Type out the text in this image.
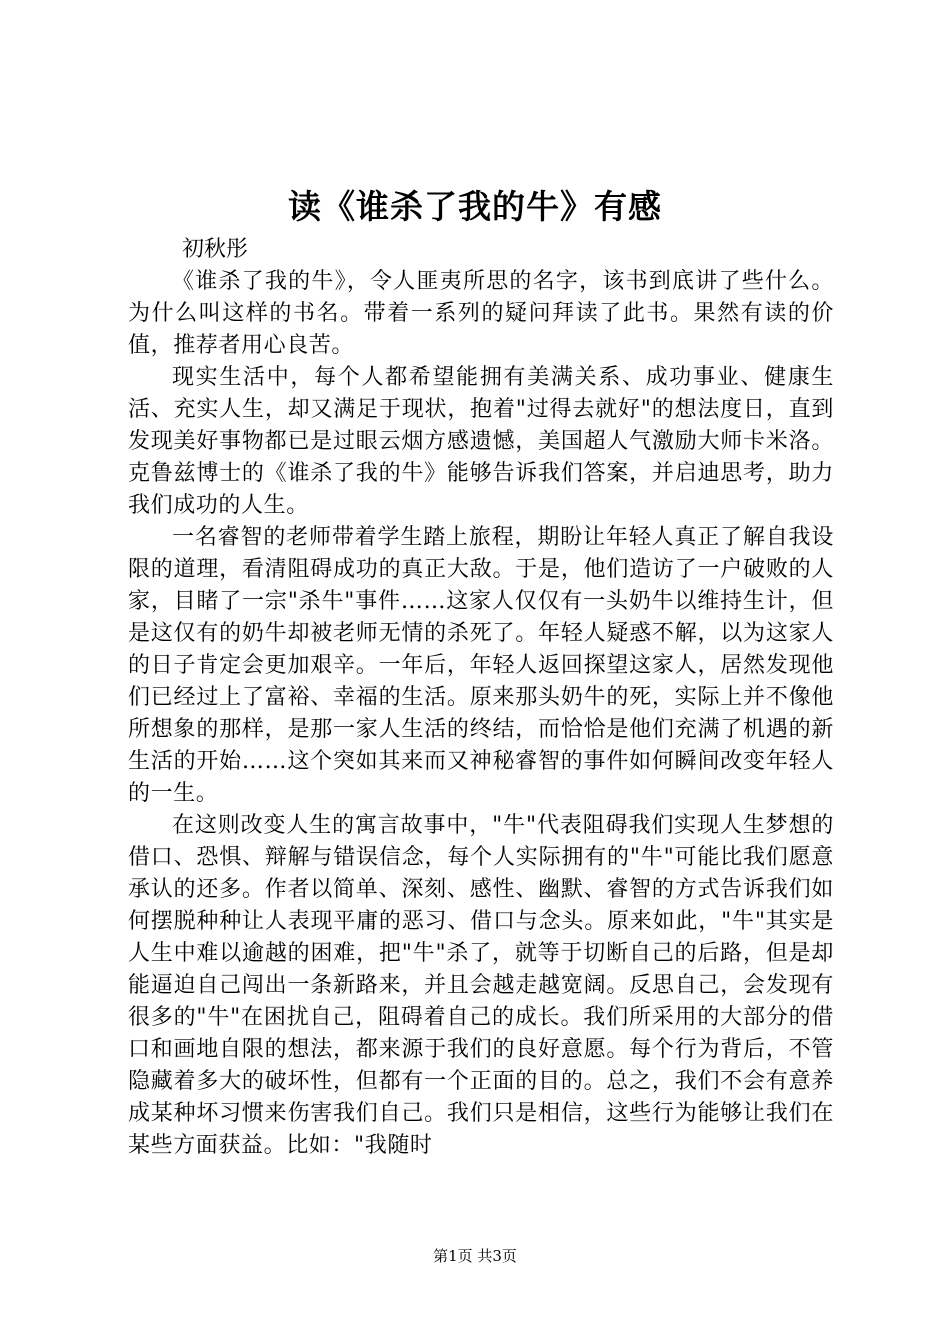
读《谁杀了我的牛》有感

初秋彤

《谁杀了我的牛》，令人匪夷所思的名字，该书到底讲了些什么。为什么叫这样的书名。带着一系列的疑问拜读了此书。果然有读的价值，推荐者用心良苦。

现实生活中，每个人都希望能拥有美满关系、成功事业、健康生活、充实人生，却又满足于现状，抱着"过得去就好"的想法度日，直到发现美好事物都已是过眼云烟方感遗憾，美国超人气激励大师卡米洛。克鲁兹博士的《谁杀了我的牛》能够告诉我们答案，并启迪思考，助力我们成功的人生。

一名睿智的老师带着学生踏上旅程，期盼让年轻人真正了解自我设限的道理，看清阻碍成功的真正大敌。于是，他们造访了一户破败的人家，目睹了一宗"杀牛"事件……这家人仅仅有一头奶牛以维持生计，但是这仅有的奶牛却被老师无情的杀死了。年轻人疑惑不解，以为这家人的日子肯定会更加艰辛。一年后，年轻人返回探望这家人，居然发现他们已经过上了富裕、幸福的生活。原来那头奶牛的死，实际上并不像他所想象的那样，是那一家人生活的终结，而恰恰是他们充满了机遇的新生活的开始……这个突如其来而又神秘睿智的事件如何瞬间改变年轻人的一生。

在这则改变人生的寓言故事中，"牛"代表阻碍我们实现人生梦想的借口、恐惧、辩解与错误信念，每个人实际拥有的"牛"可能比我们愿意承认的还多。作者以简单、深刻、感性、幽默、睿智的方式告诉我们如何摆脱种种让人表现平庸的恶习、借口与念头。原来如此，"牛"其实是人生中难以逾越的困难，把"牛"杀了，就等于切断自己的后路，但是却能逼迫自己闯出一条新路来，并且会越走越宽阔。反思自己，会发现有很多的"牛"在困扰自己，阻碍着自己的成长。我们所采用的大部分的借口和画地自限的想法，都来源于我们的良好意愿。每个行为背后，不管隐藏着多大的破坏性，但都有一个正面的目的。总之，我们不会有意养成某种坏习惯来伤害我们自己。我们只是相信，这些行为能够让我们在某些方面获益。比如："我随时

第1页 共3页
